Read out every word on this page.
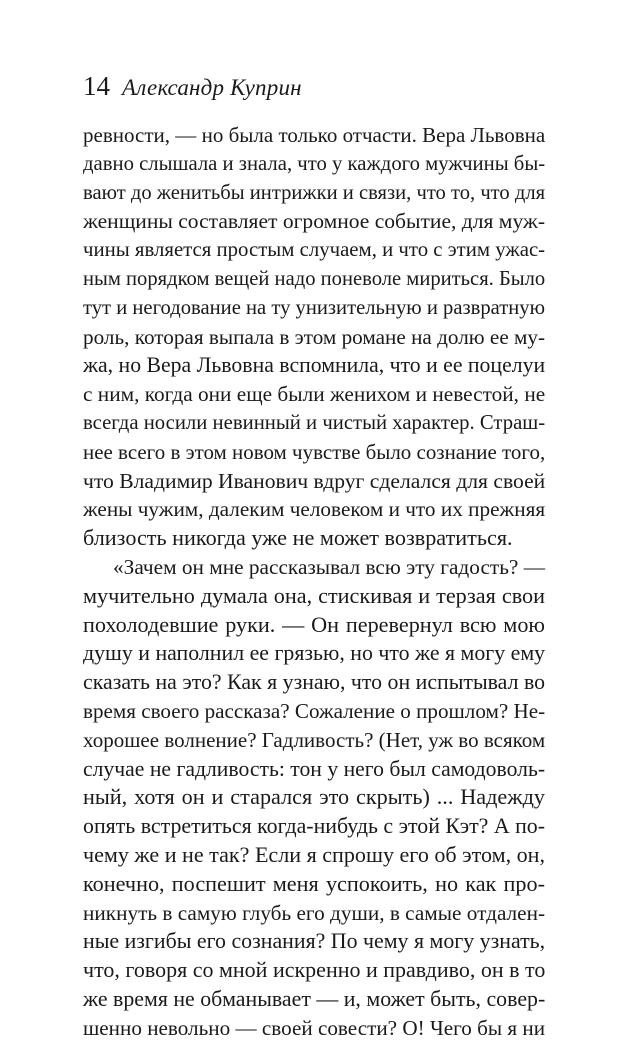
14 Александр Куприн
ревности, — но была только отчасти. Вера Львовна
давно слышала и знала, что у каждого мужчины бы-
вают до женитьбы интрижки и связи, что то, что для
женщины составляет огромное событие, для муж-
чины является простым случаем, и что с этим ужас-
ным порядком вещей надо поневоле мириться. Было
тут и негодование на ту унизительную и развратную
роль, которая выпала в этом романе на долю ее му-
жа, но Вера Львовна вспомнила, что и ее поцелуи
с ним, когда они еще были женихом и невестой, не
всегда носили невинный и чистый характер. Страш-
нее всего в этом новом чувстве было сознание того,
что Владимир Иванович вдруг сделался для своей
жены чужим, далеким человеком и что их прежняя
близость никогда уже не может возвратиться.
«Зачем он мне рассказывал всю эту гадость? —
мучительно думала она, стискивая и терзая свои
похолодевшие руки. — Он перевернул всю мою
душу и наполнил ее грязью, но что же я могу ему
сказать на это? Как я узнаю, что он испытывал во
время своего рассказа? Сожаление о прошлом? Не-
хорошее волнение? Гадливость? (Нет, уж во всяком
случае не гадливость: тон у него был самодоволь-
ный, хотя он и старался это скрыть) ... Надежду
опять встретиться когда-нибудь с этой Кэт? А по-
чему же и не так? Если я спрошу его об этом, он,
конечно, поспешит меня успокоить, но как про-
никнуть в самую глубь его души, в самые отдален-
ные изгибы его сознания? По чему я могу узнать,
что, говоря со мной искренно и правдиво, он в то
же время не обманывает — и, может быть, совер-
шенно невольно — своей совести? О! Чего бы я ни
